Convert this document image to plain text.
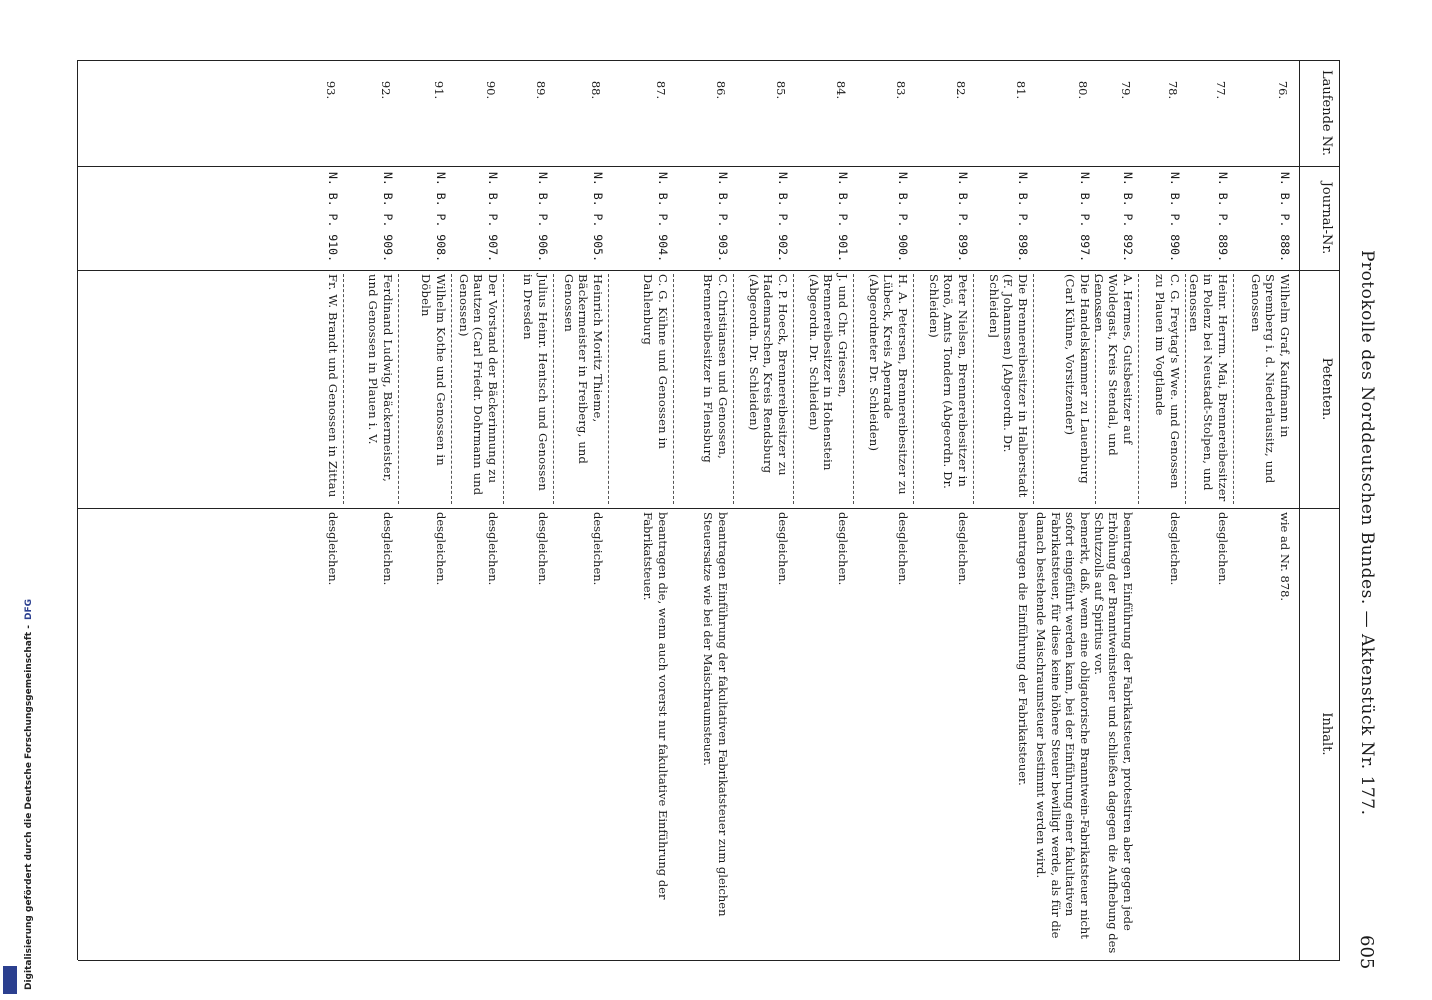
Protokolle des Norddeutschen Bundes. — Aktenstück Nr. 177.
605
Laufende Nr.
Journal-Nr.
Petenten.
Inhalt.
76.
N. B. P. 888.
Wilhelm Graf, Kaufmann in Spremberg i. d. Niederlausitz, und Genossen
wie ad Nr. 878.
77.
N. B. P. 889.
Heinr. Herrm. Mai, Brennereibesitzer in Polenz bei Neustadt-Stolpen, und Genossen
desgleichen.
78.
N. B. P. 890.
C. G. Freytag's Wwe. und Genossen zu Plauen im Vogtlande
desgleichen.
79.
N. B. P. 892.
A. Hermes, Gutsbesitzer auf Woldegast, Kreis Stendal, und Genossen
beantragen Einführung der Fabrikatsteuer, protestiren aber gegen jede Erhöhung der Branntweinsteuer und schließen dagegen die Aufhebung des Schutzzolls auf Spiritus vor.
80.
N. B. P. 897.
Die Handelskammer zu Lauenburg (Carl Kühne, Vorsitzender)
bemerkt, daß, wenn eine obligatorische Branntwein-Fabrikatsteuer nicht sofort eingeführt werden kann, bei der Einführung einer fakultativen Fabrikatsteuer, für diese keine höhere Steuer bewilligt werde, als für die danach bestehende Maischraumsteuer bestimmt werden wird.
81.
N. B. P. 898.
Die Brennereibesitzer in Halberstadt (F. Johannsen) [Abgeordn. Dr. Schleiden]
beantragen die Einführung der Fabrikatsteuer.
82.
N. B. P. 899.
Peter Nielsen, Brennereibesitzer in Ronö, Amts Tondern (Abgeordn. Dr. Schleiden)
desgleichen.
83.
N. B. P. 900.
H. A. Petersen, Brennereibesitzer zu Lübeck, Kreis Apenrade (Abgeordneter Dr. Schleiden)
desgleichen.
84.
N. B. P. 901.
J. und Chr. Griessen, Brennereibesitzer in Hohenstein (Abgeordn. Dr. Schleiden)
desgleichen.
85.
N. B. P. 902.
C. P. Hoeck, Brennereibesitzer zu Hademarschen, Kreis Rendsburg (Abgeordn. Dr. Schleiden)
desgleichen.
86.
N. B. P. 903.
C. Christiansen und Genossen, Brennereibesitzer in Flensburg
beantragen Einführung der fakultativen Fabrikatsteuer zum gleichen Steuersatze wie bei der Maischraumsteuer.
87.
N. B. P. 904.
C. G. Kühne und Genossen in Dahlenburg
beantragen die, wenn auch vorerst nur fakultative Einführung der Fabrikatsteuer.
88.
N. B. P. 905.
Heinrich Moritz Thieme, Bäckermeister in Freiberg, und Genossen
desgleichen.
89.
N. B. P. 906.
Julius Heinr. Hentsch und Genossen in Dresden
desgleichen.
90.
N. B. P. 907.
Der Vorstand der Bäckerinnung zu Bautzen (Carl Friedr. Dohrmann und Genossen)
desgleichen.
91.
N. B. P. 908.
Wilhelm Kothe und Genossen in Döbeln
desgleichen.
92.
N. B. P. 909.
Ferdinand Ludwig, Bäckermeister, und Genossen in Plauen i. V.
desgleichen.
93.
N. B. P. 910.
Fr. W. Brandt und Genossen in Zittau
desgleichen.
Digitalisierung gefördert durch die Deutsche Forschungsgemeinschaft - DFG
